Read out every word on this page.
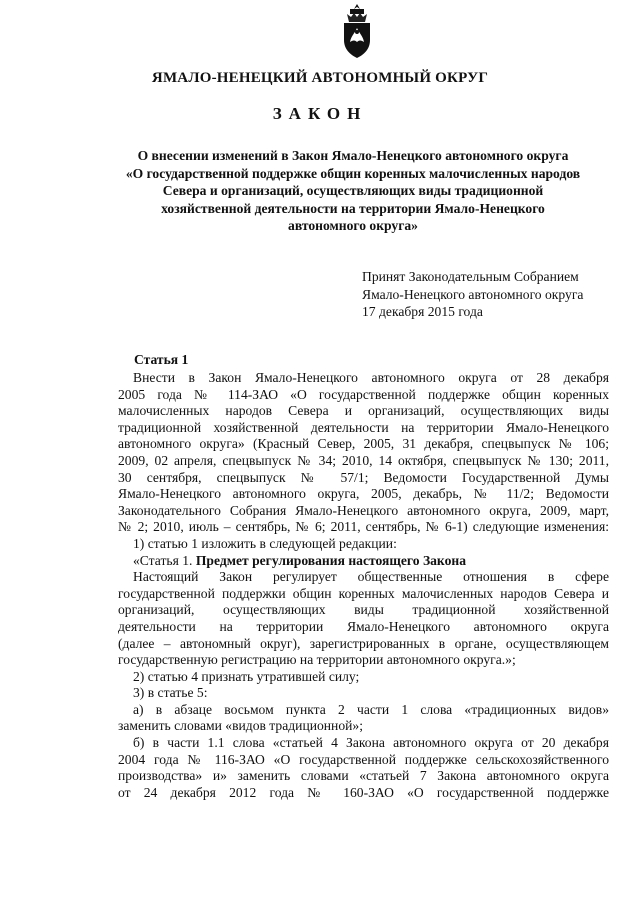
ЯМАЛО-НЕНЕЦКИЙ АВТОНОМНЫЙ ОКРУГ
ЗАКОН
О внесении изменений в Закон Ямало-Ненецкого автономного округа
«О государственной поддержке общин коренных малочисленных народов
Севера и организаций, осуществляющих виды традиционной
хозяйственной деятельности на территории Ямало-Ненецкого
автономного округа»
Принят Законодательным Собранием
Ямало-Ненецкого автономного округа
17 декабря 2015 года
Статья 1
Внести в Закон Ямало-Ненецкого автономного округа от 28 декабря
2005 года № 114-ЗАО «О государственной поддержке общин коренных
малочисленных народов Севера и организаций, осуществляющих виды
традиционной хозяйственной деятельности на территории Ямало-Ненецкого
автономного округа» (Красный Север, 2005, 31 декабря, спецвыпуск № 106;
2009, 02 апреля, спецвыпуск № 34; 2010, 14 октября, спецвыпуск № 130; 2011,
30 сентября, спецвыпуск № 57/1; Ведомости Государственной Думы
Ямало-Ненецкого автономного округа, 2005, декабрь, № 11/2; Ведомости
Законодательного Собрания Ямало-Ненецкого автономного округа, 2009, март,
№ 2; 2010, июль – сентябрь, № 6; 2011, сентябрь, № 6-1) следующие изменения:
1) статью 1 изложить в следующей редакции:
«Статья 1. Предмет регулирования настоящего Закона
Настоящий Закон регулирует общественные отношения в сфере
государственной поддержки общин коренных малочисленных народов Севера и
организаций, осуществляющих виды традиционной хозяйственной
деятельности на территории Ямало-Ненецкого автономного округа
(далее – автономный округ), зарегистрированных в органе, осуществляющем
государственную регистрацию на территории автономного округа.»;
2) статью 4 признать утратившей силу;
3) в статье 5:
а) в абзаце восьмом пункта 2 части 1 слова «традиционных видов»
заменить словами «видов традиционной»;
б) в части 1.1 слова «статьей 4 Закона автономного округа от 20 декабря
2004 года № 116-ЗАО «О государственной поддержке сельскохозяйственного
производства» и» заменить словами «статьей 7 Закона автономного округа
от 24 декабря 2012 года № 160-ЗАО «О государственной поддержке
